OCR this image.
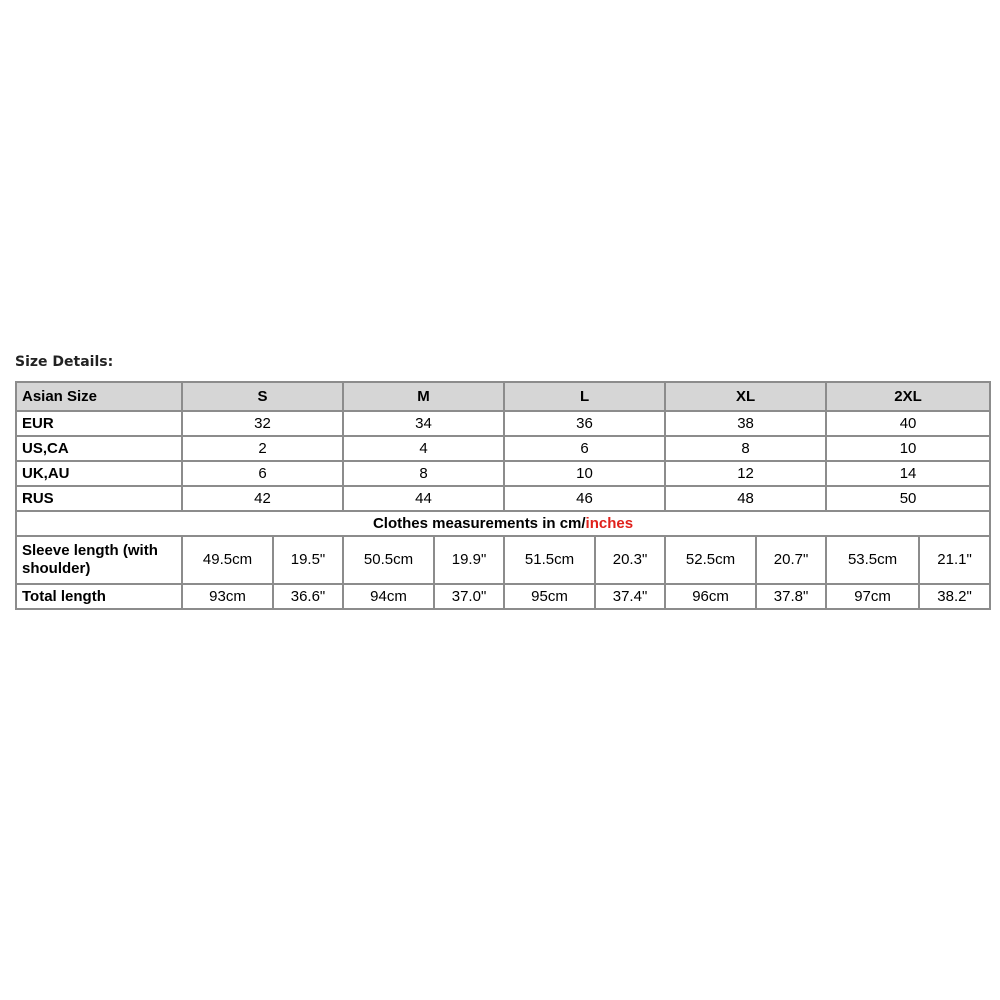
Size Details:
Asian Size	S		M		L		XL		2XL	
EUR	32		34		36		38		40	
US,CA	2		4		6		8		10	
UK,AU	6		8		10		12		14	
RUS	42		44		46		48		50	
Clothes measurements in cm/inches										
Sleeve length (with shoulder)	49.5cm	19.5"	50.5cm	19.9"	51.5cm	20.3"	52.5cm	20.7"	53.5cm	21.1"
Total length	93cm	36.6"	94cm	37.0"	95cm	37.4"	96cm	37.8"	97cm	38.2"
